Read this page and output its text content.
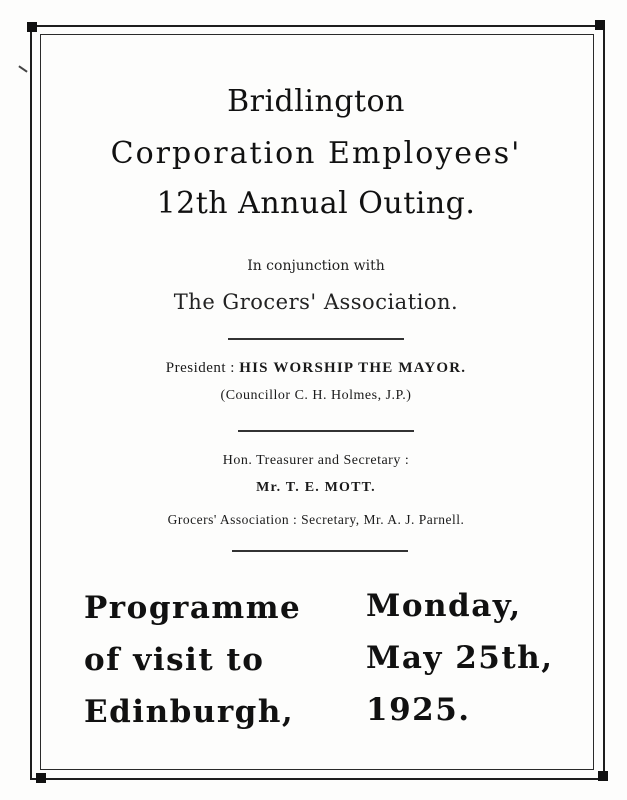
Bridlington
Corporation Employees'
12th Annual Outing.
In conjunction with
The Grocers' Association.
President : HIS WORSHIP THE MAYOR.
(Councillor C. H. Holmes, J.P.)
Hon. Treasurer and Secretary :
Mr. T. E. MOTT.
Grocers' Association : Secretary, Mr. A. J. Parnell.
Programme
of visit to
Edinburgh,
Monday,
May 25th,
1925.
